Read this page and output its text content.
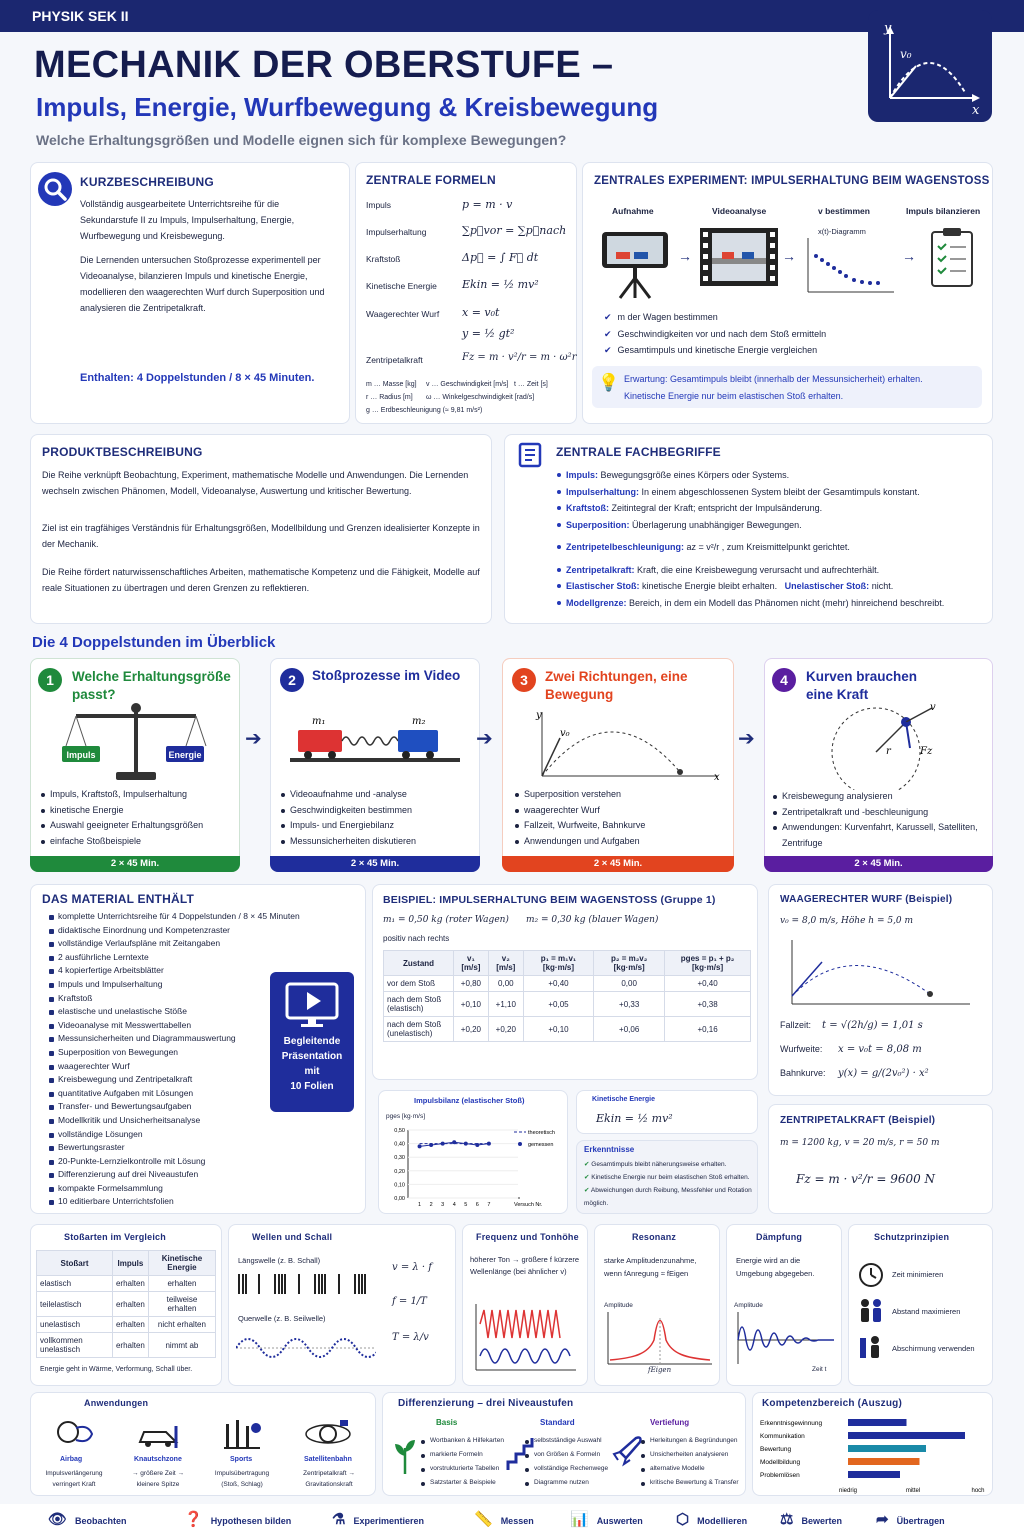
PHYSIK SEK II
MECHANIK DER OBERSTUFE –
Impuls, Energie, Wurfbewegung & Kreisbewegung
Welche Erhaltungsgrößen und Modelle eignen sich für komplexe Bewegungen?
y
v₀
x
KURZBESCHREIBUNG
Vollständig ausgearbeitete Unterrichtsreihe für die Sekundarstufe II zu Impuls, Impulserhaltung, Energie, Wurfbewegung und Kreisbewegung.
Die Lernenden untersuchen Stoßprozesse experimentell per Videoanalyse, bilanzieren Impuls und kinetische Energie, modellieren den waagerechten Wurf durch Superposition und analysieren die Zentripetalkraft.
Enthalten: 4 Doppelstunden / 8 × 45 Minuten.
ZENTRALE FORMELN
Impuls	p = m · v
Impulserhaltung	∑p⃗vor = ∑p⃗nach
Kraftstoß	Δp⃗ = ∫ F⃗ dt
Kinetische Energie Ekin = ½ mv²
Waagerechter Wurf x = v₀t
y = ½ gt²
Zentripetalkraft	Fz = m · v²/r = m · ω²r
m … Masse [kg] v … Geschwindigkeit [m/s] t … Zeit [s]
r … Radius [m] ω … Winkelgeschwindigkeit [rad/s]
g … Erdbeschleunigung (≈ 9,81 m/s²)
ZENTRALES EXPERIMENT: IMPULSERHALTUNG BEIM WAGENSTOSS
Aufnahme	Videoanalyse	v bestimmen	Impuls bilanzieren
→	→
x(t)-Diagramm
→
✔ m der Wagen bestimmen
✔ Geschwindigkeiten vor und nach dem Stoß ermitteln
✔ Gesamtimpuls und kinetische Energie vergleichen
💡 Erwartung: Gesamtimpuls bleibt (innerhalb der Messunsicherheit) erhalten.
Kinetische Energie nur beim elastischen Stoß erhalten.
PRODUKTBESCHREIBUNG
Die Reihe verknüpft Beobachtung, Experiment, mathematische Modelle und Anwendungen. Die Lernenden wechseln zwischen Phänomen, Modell, Videoanalyse, Auswertung und kritischer Bewertung.
Ziel ist ein tragfähiges Verständnis für Erhaltungsgrößen, Modellbildung und Grenzen idealisierter Konzepte in der Mechanik.
Die Reihe fördert naturwissenschaftliches Arbeiten, mathematische Kompetenz und die Fähigkeit, Modelle auf reale Situationen zu übertragen und deren Grenzen zu reflektieren.
ZENTRALE FACHBEGRIFFE
Impuls: Bewegungsgröße eines Körpers oder Systems.
Impulserhaltung: In einem abgeschlossenen System bleibt der Gesamtimpuls konstant.
Kraftstoß: Zeitintegral der Kraft; entspricht der Impulsänderung.
Superposition: Überlagerung unabhängiger Bewegungen.
Zentripetelbeschleunigung: az = v²/r , zum Kreismittelpunkt gerichtet.
Zentripetalkraft: Kraft, die eine Kreisbewegung verursacht und aufrechterhält.
Elastischer Stoß: kinetische Energie bleibt erhalten. Unelastischer Stoß: nicht.
Modellgrenze: Bereich, in dem ein Modell das Phänomen nicht (mehr) hinreichend beschreibt.
Die 4 Doppelstunden im Überblick
1	Welche Erhaltungsgröße passt?
Impuls	Energie
Impuls, Kraftstoß, Impulserhaltung
kinetische Energie
Auswahl geeigneter Erhaltungsgrößen
einfache Stoßbeispiele
2 × 45 Min.
➔
2	Stoßprozesse im Video
m₁	m₂
Videoaufnahme und -analyse
Geschwindigkeiten bestimmen
Impuls- und Energiebilanz
Messunsicherheiten diskutieren
2 × 45 Min.
➔
3	Zwei Richtungen, eine Bewegung
y
v₀
x
Superposition verstehen
waagerechter Wurf
Fallzeit, Wurfweite, Bahnkurve
Anwendungen und Aufgaben
2 × 45 Min.
➔
4	Kurven brauchen eine Kraft
v
r	Fz
Kreisbewegung analysieren
Zentripetalkraft und -beschleunigung
Anwendungen: Kurvenfahrt, Karussell, Satelliten, Zentrifuge
2 × 45 Min.
DAS MATERIAL ENTHÄLT
komplette Unterrichtsreihe für 4 Doppelstunden / 8 × 45 Minuten
didaktische Einordnung und Kompetenzraster
vollständige Verlaufspläne mit Zeitangaben
2 ausführliche Lerntexte
4 kopierfertige Arbeitsblätter
Impuls und Impulserhaltung
Kraftstoß
elastische und unelastische Stöße
Videoanalyse mit Messwerttabellen
Messunsicherheiten und Diagrammauswertung
Superposition von Bewegungen
waagerechter Wurf
Kreisbewegung und Zentripetalkraft
quantitative Aufgaben mit Lösungen
Transfer- und Bewertungsaufgaben
Modellkritik und Unsicherheitsanalyse
vollständige Lösungen
Bewertungsraster
20-Punkte-Lernzielkontrolle mit Lösung
Differenzierung auf drei Niveaustufen
kompakte Formelsammlung
10 editierbare Unterrichtsfolien
Begleitende
Präsentation
mit
10 Folien
BEISPIEL: IMPULSERHALTUNG BEIM WAGENSTOSS (Gruppe 1)
m₁ = 0,50 kg (roter Wagen) m₂ = 0,30 kg (blauer Wagen)
positiv nach rechts
Zustand	v₁ [m/s]	v₂ [m/s]	p₁ = m₁v₁ [kg·m/s]	p₂ = m₂v₂ [kg·m/s]	pges = p₁ + p₂ [kg·m/s]
vor dem Stoß	+0,80	0,00	+0,40	0,00	+0,40
nach dem Stoß (elastisch)	+0,10	+1,10	+0,05	+0,33	+0,38
nach dem Stoß (unelastisch)	+0,20	+0,20	+0,10	+0,06	+0,16
Impulsbilanz (elastischer Stoß)
pges [kg·m/s]
0,00
0,10
0,20
0,30
0,40
0,50
1 2 3 4 5 6 7
theoretisch
gemessen
Versuch Nr.
Kinetische Energie
Ekin = ½ mv²
Erkenntnisse
✔ Gesamtimpuls bleibt näherungsweise erhalten.
✔ Kinetische Energie nur beim elastischen Stoß erhalten.
✔ Abweichungen durch Reibung, Messfehler und Rotation möglich.
WAAGERECHTER WURF (Beispiel)
v₀ = 8,0 m/s, Höhe h = 5,0 m
Fallzeit: t = √(2h/g) = 1,01 s
Wurfweite: x = v₀t = 8,08 m
Bahnkurve: y(x) = g/(2v₀²) · x²
ZENTRIPETALKRAFT (Beispiel)
m = 1200 kg, v = 20 m/s, r = 50 m
Fz = m · v²/r = 9600 N
Stoßarten im Vergleich
Stoßart	Impuls	Kinetische Energie
elastisch	erhalten	erhalten
teilelastisch	erhalten	teilweise erhalten
unelastisch	erhalten	nicht erhalten
vollkommen unelastisch	erhalten	nimmt ab
Energie geht in Wärme, Verformung, Schall über.
Wellen und Schall
Längswelle (z. B. Schall)
Querwelle (z. B. Seilwelle)
v = λ · f
f = 1/T
T = λ/v
Frequenz und Tonhöhe
höherer Ton → größere f kürzere Wellenlänge (bei ähnlicher v)
Resonanz
starke Amplitudenzunahme, wenn fAnregung ≈ fEigen
Amplitude
fEigen
Dämpfung
Energie wird an die Umgebung abgegeben.
Amplitude
Zeit t
Schutzprinzipien
Zeit minimieren
Abstand maximieren
Abschirmung verwenden
Anwendungen
Airbag
Impulsverlängerung verringert Kraft
Knautschzone
→ größere Zeit → kleinere Spitze
Sports
Impulsübertragung (Stoß, Schlag)
Satellitenbahn
Zentripetalkraft → Gravitationskraft
Differenzierung – drei Niveaustufen
Basis
Wortbanken & Hilfekarten
markierte Formeln
vorstrukturierte Tabellen
Satzstarter & Beispiele
Standard
selbstständige Auswahl
von Größen & Formeln
vollständige Rechenwege
Diagramme nutzen
Vertiefung
Herleitungen & Begründungen
Unsicherheiten analysieren
alternative Modelle
kritische Bewertung & Transfer
Kompetenzbereich (Auszug)
Erkenntnisgewinnung
Kommunikation
Bewertung
Modellbildung
Problemlösen
niedrig	mittel	hoch
👁 Beobachten	❓ Hypothesen bilden	⚗ Experimentieren	📏 Messen 📊 Auswerten ⬡ Modellieren ⚖ Bewerten ➦ Übertragen
